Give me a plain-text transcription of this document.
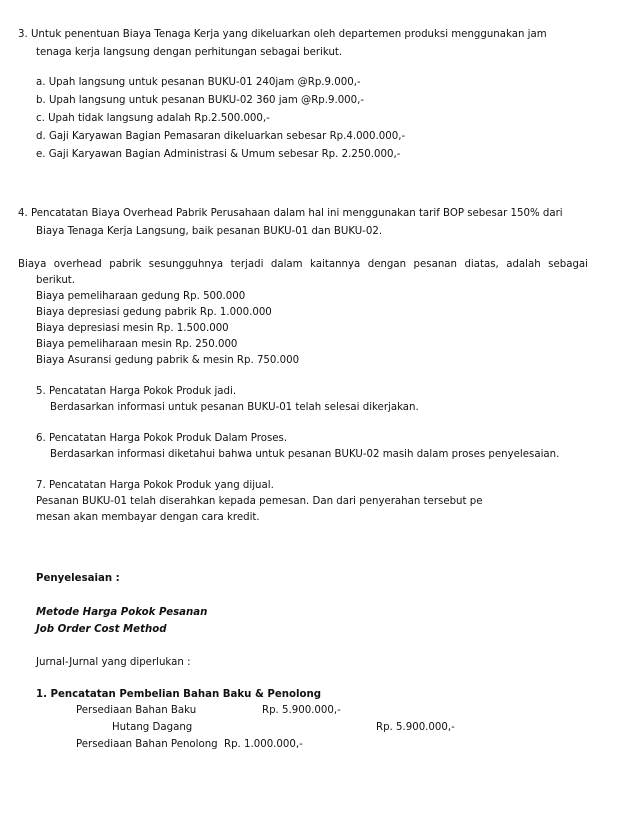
3. Untuk penentuan Biaya Tenaga Kerja yang dikeluarkan oleh departemen produksi menggunakan jam
tenaga kerja langsung dengan perhitungan sebagai berikut.
a. Upah langsung untuk pesanan BUKU-01 240jam @Rp.9.000,-
b. Upah langsung untuk pesanan BUKU-02 360 jam @Rp.9.000,-
c. Upah tidak langsung adalah Rp.2.500.000,-
d. Gaji Karyawan Bagian Pemasaran dikeluarkan sebesar Rp.4.000.000,-
e. Gaji Karyawan Bagian Administrasi & Umum sebesar Rp. 2.250.000,-
4. Pencatatan Biaya Overhead Pabrik Perusahaan dalam hal ini menggunakan tarif BOP sebesar 150% dari
Biaya Tenaga Kerja Langsung, baik pesanan BUKU-01 dan BUKU-02.
Biaya overhead pabrik sesungguhnya terjadi dalam kaitannya dengan pesanan diatas, adalah sebagai
berikut.
Biaya pemeliharaan gedung Rp. 500.000
Biaya depresiasi gedung pabrik Rp. 1.000.000
Biaya depresiasi mesin Rp. 1.500.000
Biaya pemeliharaan mesin Rp. 250.000
Biaya Asuransi gedung pabrik & mesin Rp. 750.000
5. Pencatatan Harga Pokok Produk jadi.
Berdasarkan informasi untuk pesanan BUKU-01 telah selesai dikerjakan.
6. Pencatatan Harga Pokok Produk Dalam Proses.
Berdasarkan informasi diketahui bahwa untuk pesanan BUKU-02 masih dalam proses penyelesaian.
7. Pencatatan Harga Pokok Produk yang dijual.
Pesanan BUKU-01 telah diserahkan kepada pemesan. Dan dari penyerahan tersebut pe
mesan akan membayar dengan cara kredit.
Penyelesaian :
Metode Harga Pokok Pesanan
Job Order Cost Method
Jurnal-Jurnal yang diperlukan :
1. Pencatatan Pembelian Bahan Baku & Penolong
Persediaan Bahan Baku	Rp. 5.900.000,-
Hutang Dagang	Rp. 5.900.000,-
Persediaan Bahan Penolong Rp. 1.000.000,-
